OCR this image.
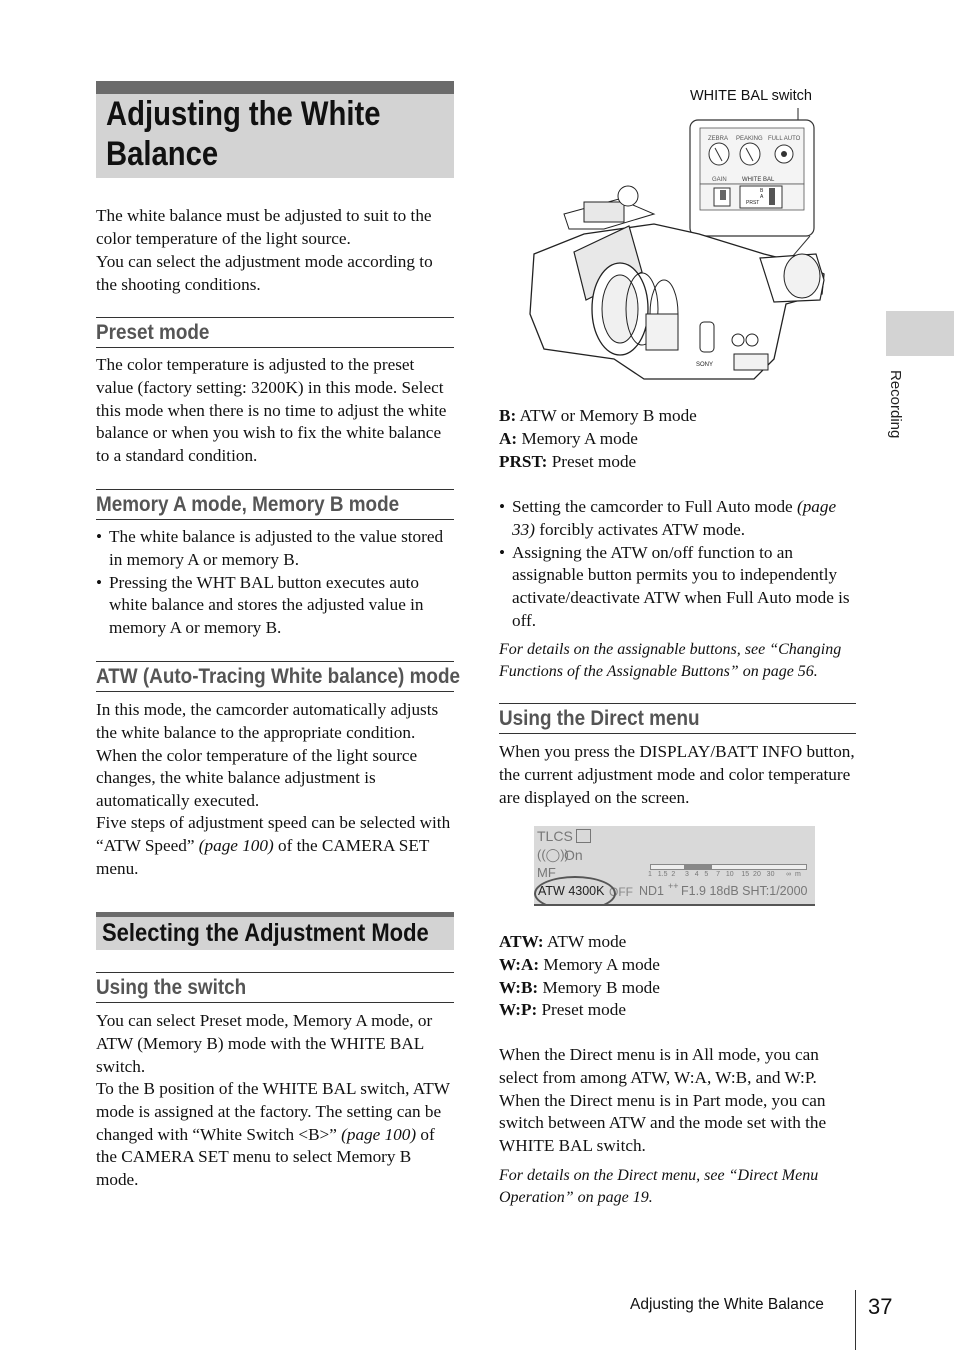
Adjusting the White Balance

The white balance must be adjusted to suit to the color temperature of the light source.

You can select the adjustment mode according to the shooting conditions.

Preset mode

The color temperature is adjusted to the preset value (factory setting: 3200K) in this mode. Select this mode when there is no time to adjust the white balance or when you wish to fix the white balance to a standard condition.

Memory A mode, Memory B mode

• The white balance is adjusted to the value stored in memory A or memory B.

• Pressing the WHT BAL button executes auto white balance and stores the adjusted value in memory A or memory B.

ATW (Auto-Tracing White balance) mode

In this mode, the camcorder automatically adjusts the white balance to the appropriate condition. When the color temperature of the light source changes, the white balance adjustment is automatically executed.

Five steps of adjustment speed can be selected with “ATW Speed” (page 100) of the CAMERA SET menu.

Selecting the Adjustment Mode
Using the switch

You can select Preset mode, Memory A mode, or ATW (Memory B) mode with the WHITE BAL switch.

To the B position of the WHITE BAL switch, ATW mode is assigned at the factory. The setting can be changed with “White Switch <B>” (page 100) of the CAMERA SET menu to select Memory B mode.

WHITE BAL switch
ZEBRA PEAKING FULL AUTO
GAIN	WHITE BAL
B
A
PRST
SONY

B: ATW or Memory B mode

A: Memory A mode

PRST: Preset mode

• Setting the camcorder to Full Auto mode (page 33) forcibly activates ATW mode.

• Assigning the ATW on/off function to an assignable button permits you to independently activate/deactivate ATW when Full Auto mode is off.

For details on the assignable buttons, see “Changing Functions of the Assignable Buttons” on page 56.

Using the Direct menu

When you press the DISPLAY/BATT INFO button, the current adjustment mode and color temperature are displayed on the screen.

TLCS
((◯))
On
MF	1   1.5  2     3   4   5    7   10    15  20   30      ∞  m
ATW 4300K OFF ND1 ++ F1.9 18dB SHT:1/2000

ATW: ATW mode

W:A: Memory A mode

W:B: Memory B mode

W:P: Preset mode

When the Direct menu is in All mode, you can select from among ATW, W:A, W:B, and W:P. When the Direct menu is in Part mode, you can switch between ATW and the mode set with the WHITE BAL switch.

For details on the Direct menu, see “Direct Menu Operation” on page 19.

Recording
Adjusting the White Balance 37
